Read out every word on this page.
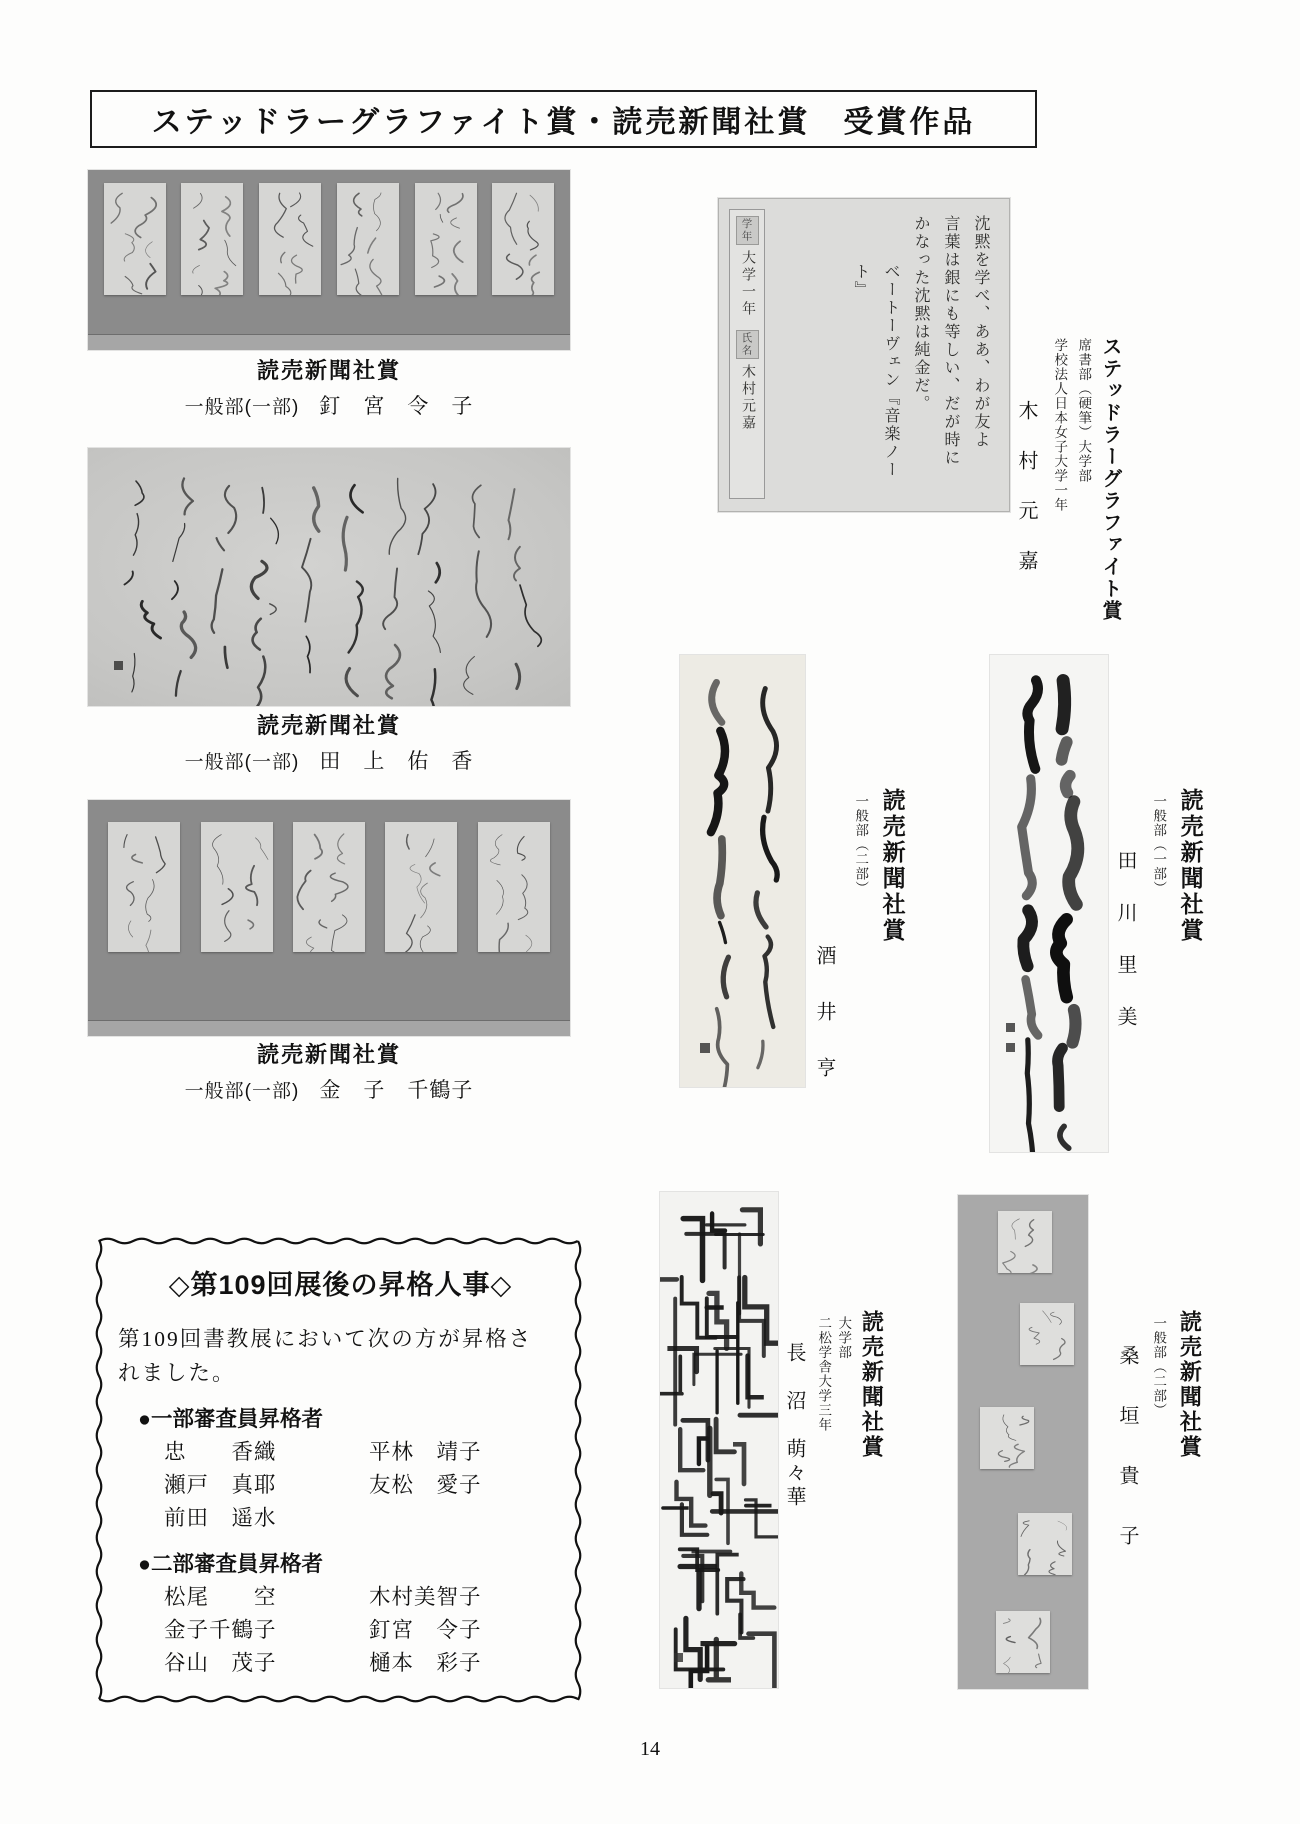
ステッドラーグラファイト賞・読売新聞社賞　受賞作品
読売新聞社賞
一般部(一部) 釘　宮　令　子
読売新聞社賞
一般部(一部) 田　上　佑　香
読売新聞社賞
一般部(一部) 金　子　千鶴子
学年
大学一年
氏名
木村元嘉	沈黙を学べ、ああ、わが友よ
言葉は銀にも等しい、だが時に
かなった沈黙は純金だ。
ベートーヴェン『音楽ノート』
ステッドラーグラファイト賞
席書部（硬筆）大学部
学校法人日本女子大学一年
木　村　元　嘉
読売新聞社賞
一般部（二部）
酒　井　亨
読売新聞社賞
一般部（一部）
田　川　里　美
読売新聞社賞
大学部
二松学舎大学三年
長　沼　萌々華	読売新聞社賞
一般部（二部）
桑　垣　貴　子
◇第109回展後の昇格人事◇
第109回書教展において次の方が昇格さ
れました。
●一部審査員昇格者
忠　　香織	平林　靖子
瀬戸　真耶	友松　愛子
前田　遥水
●二部審査員昇格者
松尾　　空	木村美智子
金子千鶴子	釘宮　令子
谷山　茂子	樋本　彩子
14
